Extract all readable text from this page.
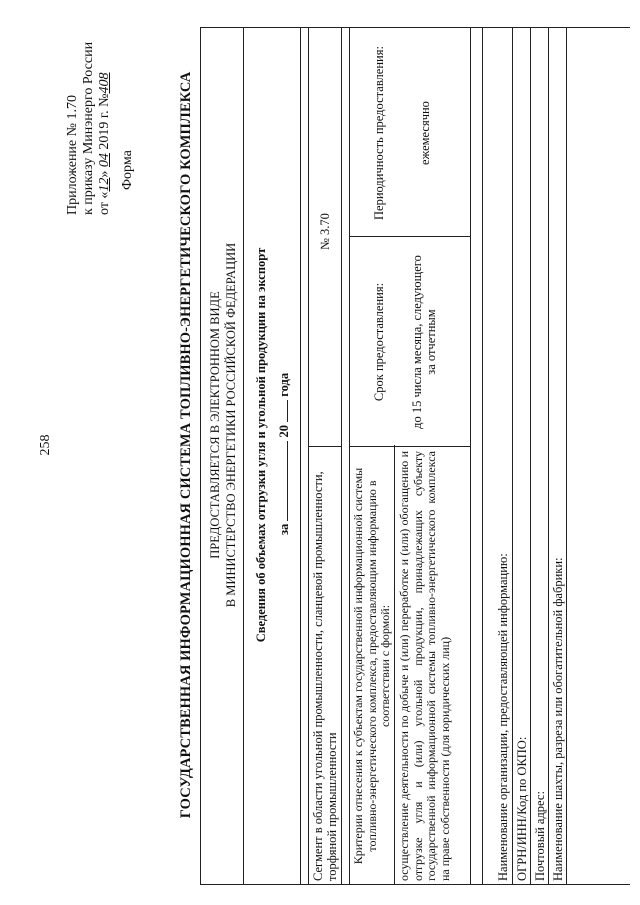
258
Приложение № 1.70 к приказу Минэнерго России от «12» 04 2019 г. №408
Форма	ГОСУДАРСТВЕННАЯ ИНФОРМАЦИОННАЯ СИСТЕМА ТОПЛИВНО-ЭНЕРГЕТИЧЕСКОГО КОМПЛЕКСА ПРЕДОСТАВЛЯЕТСЯ В ЭЛЕКТРОННОМ ВИДЕ В МИНИСТЕРСТВО ЭНЕРГЕТИКИ РОССИЙСКОЙ ФЕДЕРАЦИИ Сведения об объемах отгрузки угля и угольной продукции на экспорт за  20  года
Сегмент в области угольной промышленности, сланцевой промышленности, торфяной промышленности
№ 3.70
Критерии отнесения к субъектам государственной информационной системы топливно-энергетического комплекса, предоставляющим информацию в соответствии с формой:
Срок предоставления:
Периодичность предоставления:
осуществление деятельности по добыче и (или) переработке и (или) обогащению и отгрузке угля и (или) угольной продукции, принадлежащих субъекту государственной информационной системы топливно-энергетического комплекса на праве собственности (для юридических лиц)
до 15 числа месяца, следующего за отчетным
ежемесячно
Наименование организации, предоставляющей информацию: ОГРН/ИНН/Код по ОКПО: Почтовый адрес: Наименование шахты, разреза или обогатительной фабрики:
